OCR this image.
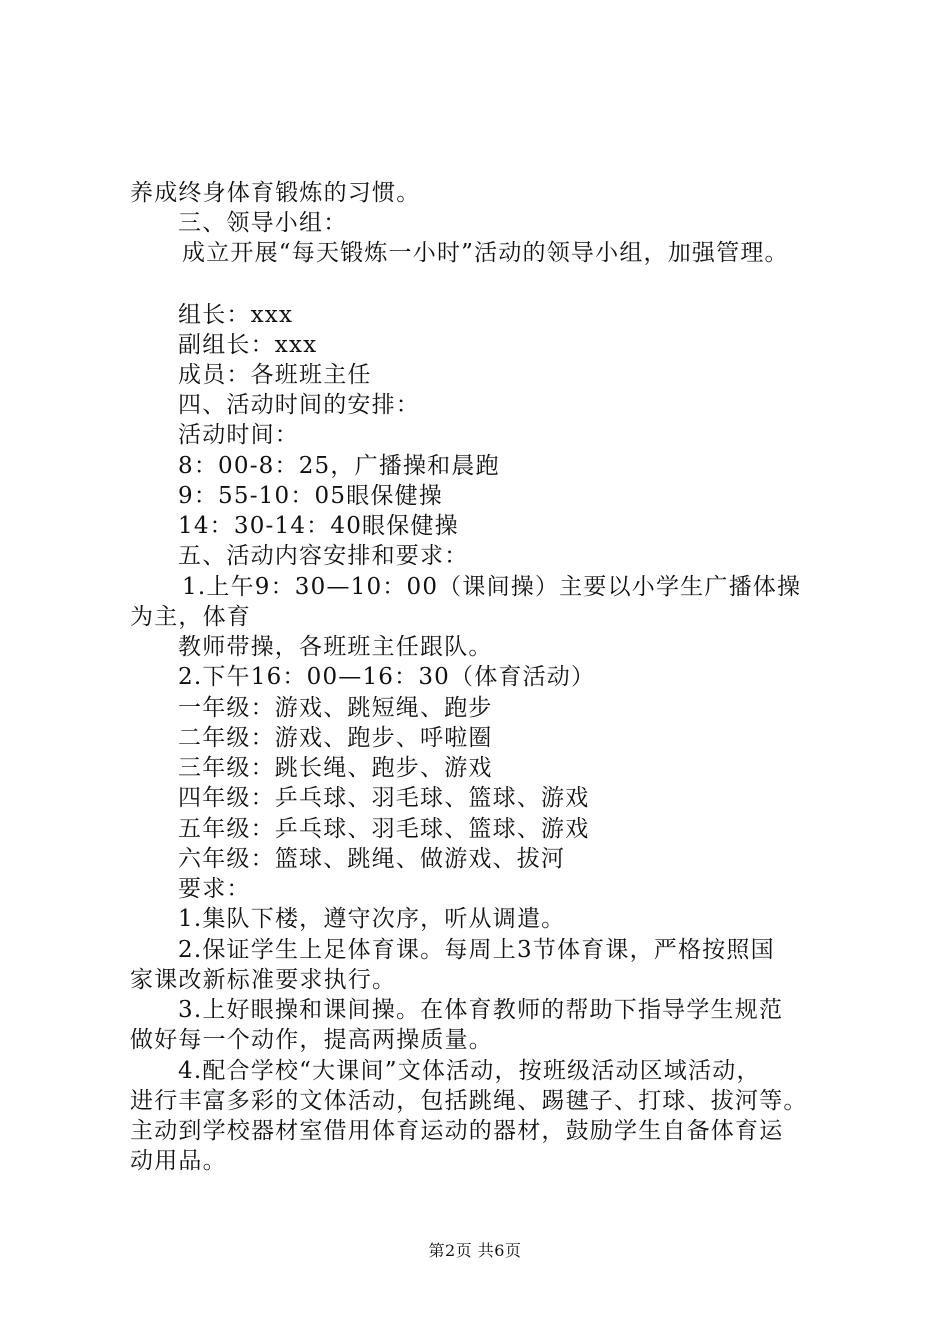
养成终身体育锻炼的习惯。
三、领导小组：
成立开展“每天锻炼一小时”活动的领导小组，加强管理。
组长：xxx
副组长：xxx
成员：各班班主任
四、活动时间的安排：
活动时间：
8：00-8：25，广播操和晨跑
9：55-10：05眼保健操
14：30-14：40眼保健操
五、活动内容安排和要求：
1.上午9：30—10：00（课间操）主要以小学生广播体操
为主，体育
教师带操，各班班主任跟队。
2.下午16：00—16：30（体育活动）
一年级：游戏、跳短绳、跑步
二年级：游戏、跑步、呼啦圈
三年级：跳长绳、跑步、游戏
四年级：乒乓球、羽毛球、篮球、游戏
五年级：乒乓球、羽毛球、篮球、游戏
六年级：篮球、跳绳、做游戏、拔河
要求：
1.集队下楼，遵守次序，听从调遣。
2.保证学生上足体育课。每周上3节体育课，严格按照国
家课改新标准要求执行。
3.上好眼操和课间操。在体育教师的帮助下指导学生规范
做好每一个动作，提高两操质量。
4.配合学校“大课间”文体活动，按班级活动区域活动，
进行丰富多彩的文体活动，包括跳绳、踢毽子、打球、拔河等。
主动到学校器材室借用体育运动的器材，鼓励学生自备体育运
动用品。
第2页 共6页
